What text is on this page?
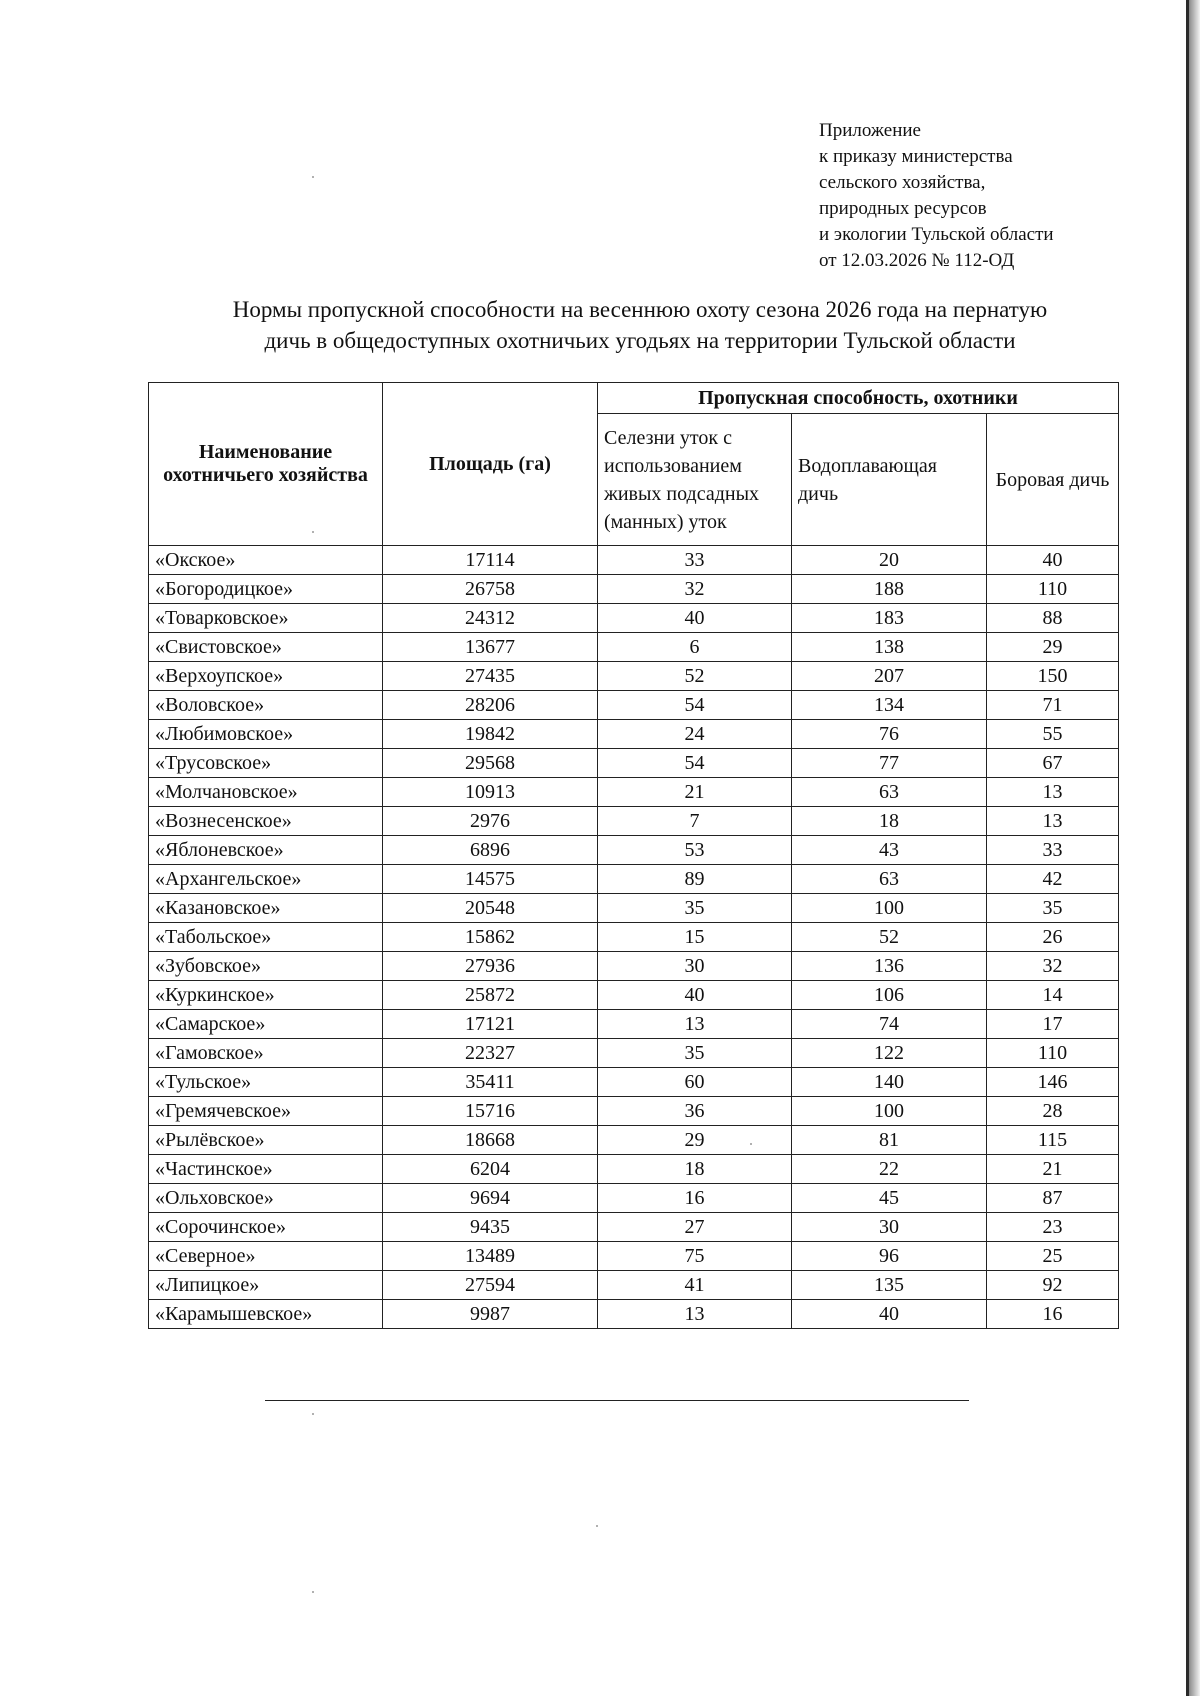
Приложение
к приказу министерства
сельского хозяйства,
природных ресурсов
и экологии Тульской области
от 12.03.2026 № 112-ОД
Нормы пропускной способности на весеннюю охоту сезона 2026 года на пернатую
дичь в общедоступных охотничьих угодьях на территории Тульской области
Наименование охотничьего хозяйства	Площадь (га)	Пропускная способность, охотники		
		Селезни уток с использованием живых подсадных (манных) уток	Водоплавающая дичь	Боровая дичь
«Окское»	17114	33	20	40
«Богородицкое»	26758	32	188	110
«Товарковское»	24312	40	183	88
«Свистовское»	13677	6	138	29
«Верхоупское»	27435	52	207	150
«Воловское»	28206	54	134	71
«Любимовское»	19842	24	76	55
«Трусовское»	29568	54	77	67
«Молчановское»	10913	21	63	13
«Вознесенское»	2976	7	18	13
«Яблоневское»	6896	53	43	33
«Архангельское»	14575	89	63	42
«Казановское»	20548	35	100	35
«Табольское»	15862	15	52	26
«Зубовское»	27936	30	136	32
«Куркинское»	25872	40	106	14
«Самарское»	17121	13	74	17
«Гамовское»	22327	35	122	110
«Тульское»	35411	60	140	146
«Гремячевское»	15716	36	100	28
«Рылёвское»	18668	29	81	115
«Частинское»	6204	18	22	21
«Ольховское»	9694	16	45	87
«Сорочинское»	9435	27	30	23
«Северное»	13489	75	96	25
«Липицкое»	27594	41	135	92
«Карамышевское»	9987	13	40	16
